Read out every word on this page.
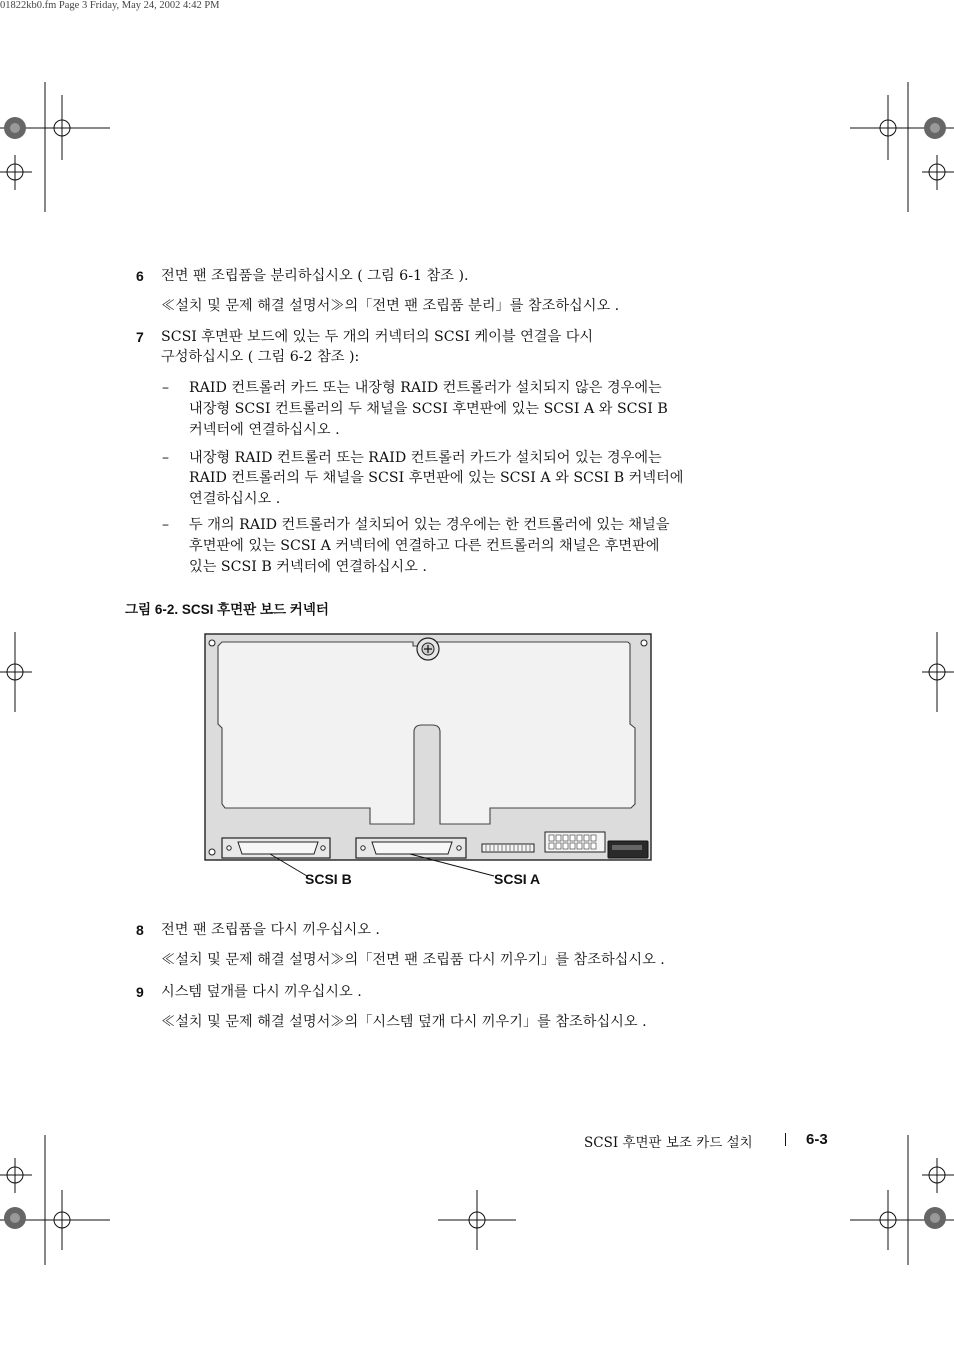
01822kb0.fm Page 3 Friday, May 24, 2002 4:42 PM
6 전면 팬 조립품을 분리하십시오 ( 그림 6-1 참조 ).
≪설치 및 문제 해결 설명서≫의「전면 팬 조립품 분리」를 참조하십시오 .
7 SCSI 후면판 보드에 있는 두 개의 커넥터의 SCSI 케이블 연결을 다시
구성하십시오 ( 그림 6-2 참조 ):
– RAID 컨트롤러 카드 또는 내장형 RAID 컨트롤러가 설치되지 않은 경우에는
내장형 SCSI 컨트롤러의 두 채널을 SCSI 후면판에 있는 SCSI A 와 SCSI B
커넥터에 연결하십시오 .
– 내장형 RAID 컨트롤러 또는 RAID 컨트롤러 카드가 설치되어 있는 경우에는
RAID 컨트롤러의 두 채널을 SCSI 후면판에 있는 SCSI A 와 SCSI B 커넥터에
연결하십시오 .
– 두 개의 RAID 컨트롤러가 설치되어 있는 경우에는 한 컨트롤러에 있는 채널을
후면판에 있는 SCSI A 커넥터에 연결하고 다른 컨트롤러의 채널은 후면판에
있는 SCSI B 커넥터에 연결하십시오 .
그림 6-2. SCSI 후면판 보드 커넥터
SCSI B	SCSI A
8 전면 팬 조립품을 다시 끼우십시오 .
≪설치 및 문제 해결 설명서≫의「전면 팬 조립품 다시 끼우기」를 참조하십시오 .
9 시스템 덮개를 다시 끼우십시오 .
≪설치 및 문제 해결 설명서≫의「시스템 덮개 다시 끼우기」를 참조하십시오 .
SCSI 후면판 보조 카드 설치	6-3
